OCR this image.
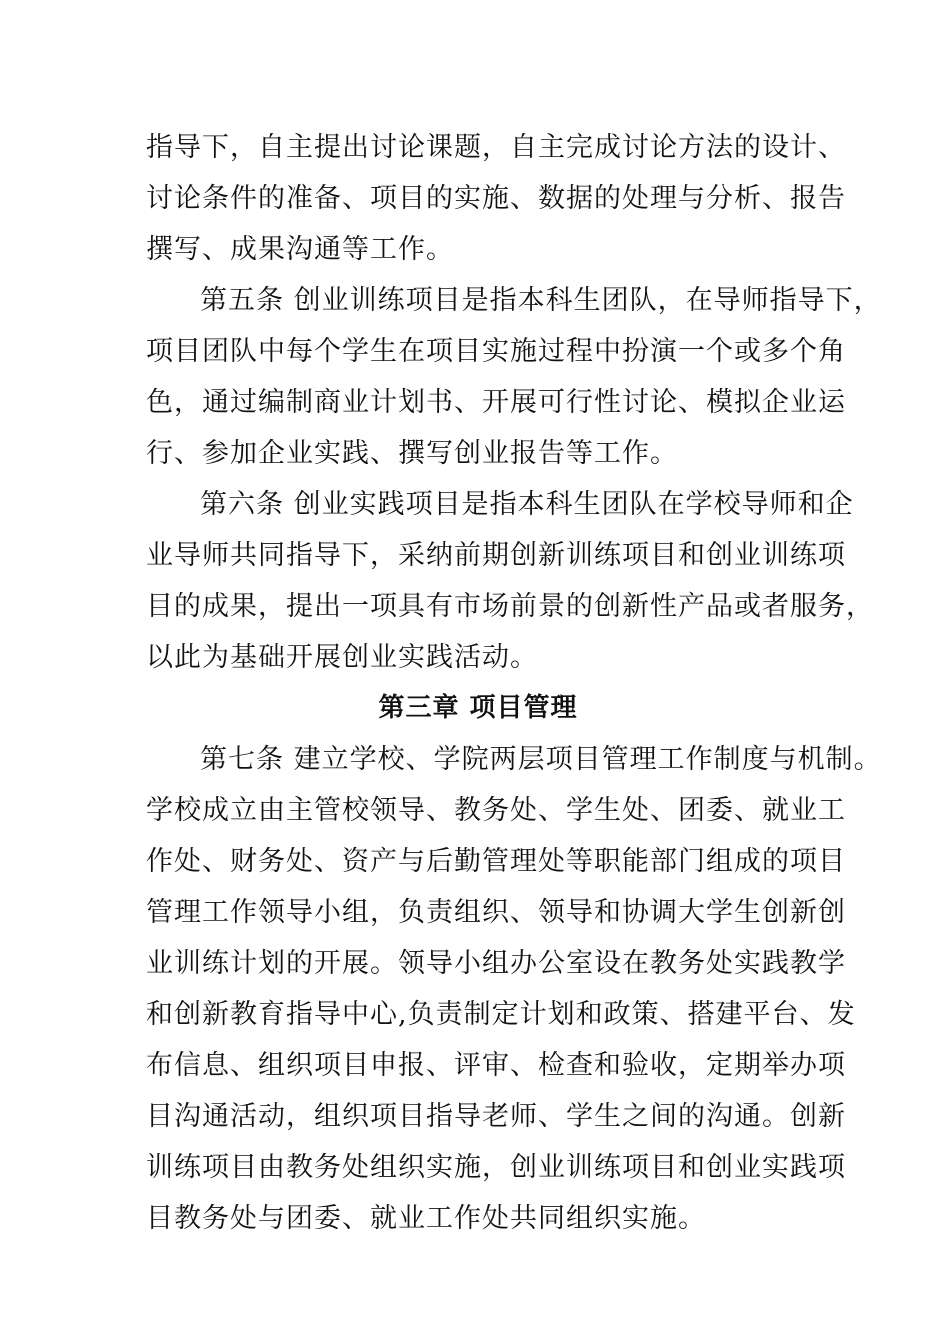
指导下，自主提出讨论课题，自主完成讨论方法的设计、
讨论条件的准备、项目的实施、数据的处理与分析、报告
撰写、成果沟通等工作。
第五条 创业训练项目是指本科生团队，在导师指导下，
项目团队中每个学生在项目实施过程中扮演一个或多个角
色，通过编制商业计划书、开展可行性讨论、模拟企业运
行、参加企业实践、撰写创业报告等工作。
第六条 创业实践项目是指本科生团队在学校导师和企
业导师共同指导下，采纳前期创新训练项目和创业训练项
目的成果，提出一项具有市场前景的创新性产品或者服务，
以此为基础开展创业实践活动。
第三章 项目管理
第七条 建立学校、学院两层项目管理工作制度与机制。
学校成立由主管校领导、教务处、学生处、团委、就业工
作处、财务处、资产与后勤管理处等职能部门组成的项目
管理工作领导小组，负责组织、领导和协调大学生创新创
业训练计划的开展。领导小组办公室设在教务处实践教学
和创新教育指导中心,负责制定计划和政策、搭建平台、发
布信息、组织项目申报、评审、检查和验收，定期举办项
目沟通活动，组织项目指导老师、学生之间的沟通。创新
训练项目由教务处组织实施，创业训练项目和创业实践项
目教务处与团委、就业工作处共同组织实施。
